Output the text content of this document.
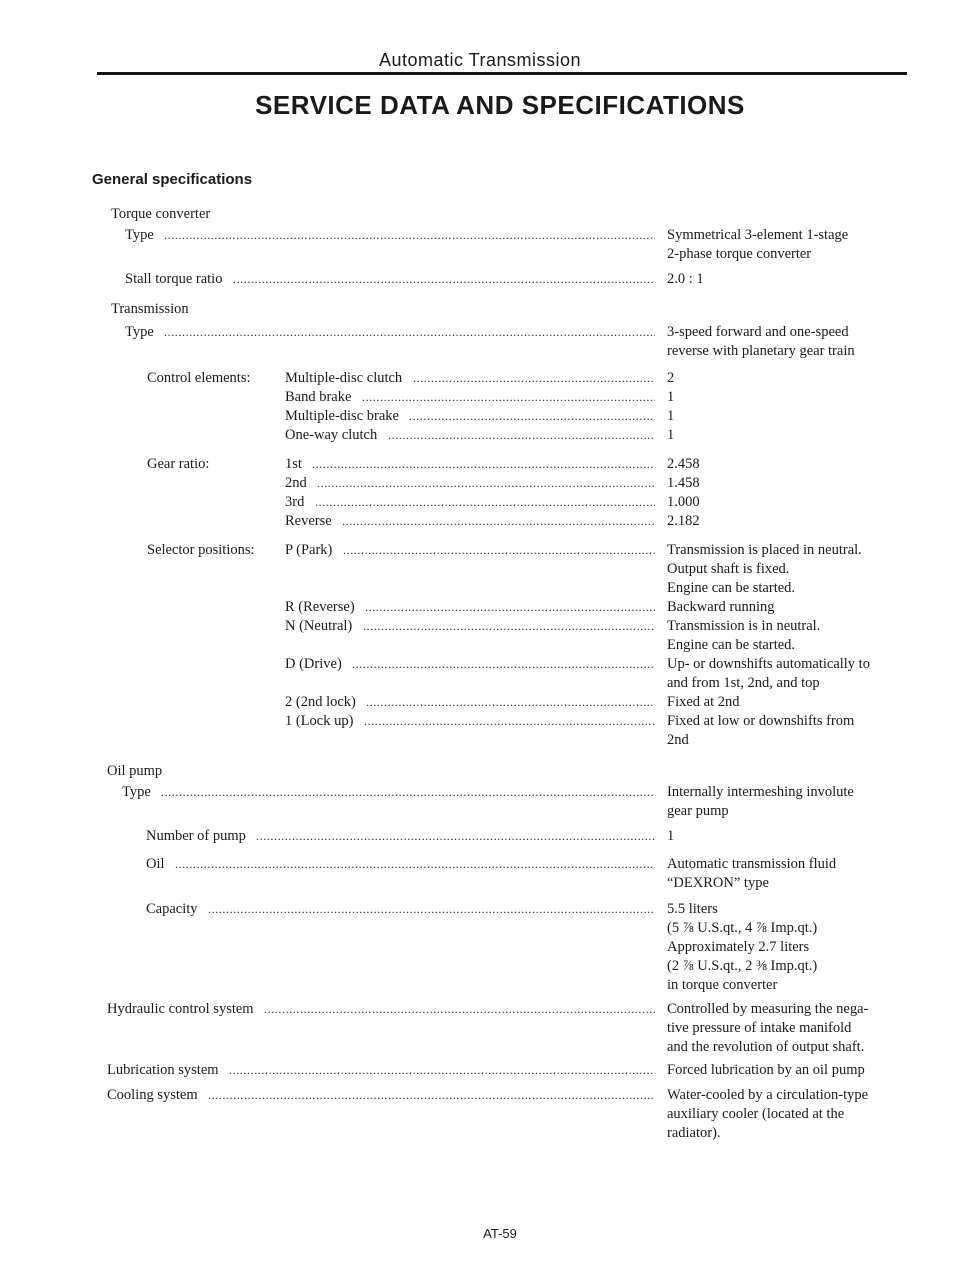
Automatic Transmission
SERVICE DATA AND SPECIFICATIONS
General specifications
Torque converter
Type . . .	Symmetrical 3-element 1-stage
2-phase torque converter
Stall torque ratio . . .	2.0 : 1
Transmission
Type . . .	3-speed forward and one-speed
reverse with planetary gear train
Control elements: Multiple-disc clutch . . .	2
Band brake . . .	1
Multiple-disc brake . . .	1
One-way clutch . . .	1
Gear ratio:	1st . . .	2.458
2nd . . .	1.458
3rd . . .	1.000
Reverse . . .	2.182
Selector positions: P (Park) . . .	Transmission is placed in neutral.
Output shaft is fixed.
Engine can be started.
R (Reverse) . . .	Backward running
N (Neutral) . . .	Transmission is in neutral.
Engine can be started.
D (Drive) . . .	Up- or downshifts automatically to
and from 1st, 2nd, and top
2 (2nd lock) . . .	Fixed at 2nd
1 (Lock up) . . .	Fixed at low or downshifts from
2nd
Oil pump
Type . . .	Internally intermeshing involute
gear pump
Number of pump . . .	1
Oil . . .	Automatic transmission fluid
“DEXRON” type
Capacity . . .	5.5 liters
(5 ⅞ U.S.qt., 4 ⅞ Imp.qt.)
Approximately 2.7 liters
(2 ⅞ U.S.qt., 2 ⅜ Imp.qt.)
in torque converter
Hydraulic control system . . .	Controlled by measuring the nega-
tive pressure of intake manifold
and the revolution of output shaft.
Lubrication system . . .	Forced lubrication by an oil pump
Cooling system . . .	Water-cooled by a circulation-type
auxiliary cooler (located at the
radiator).
AT-59
